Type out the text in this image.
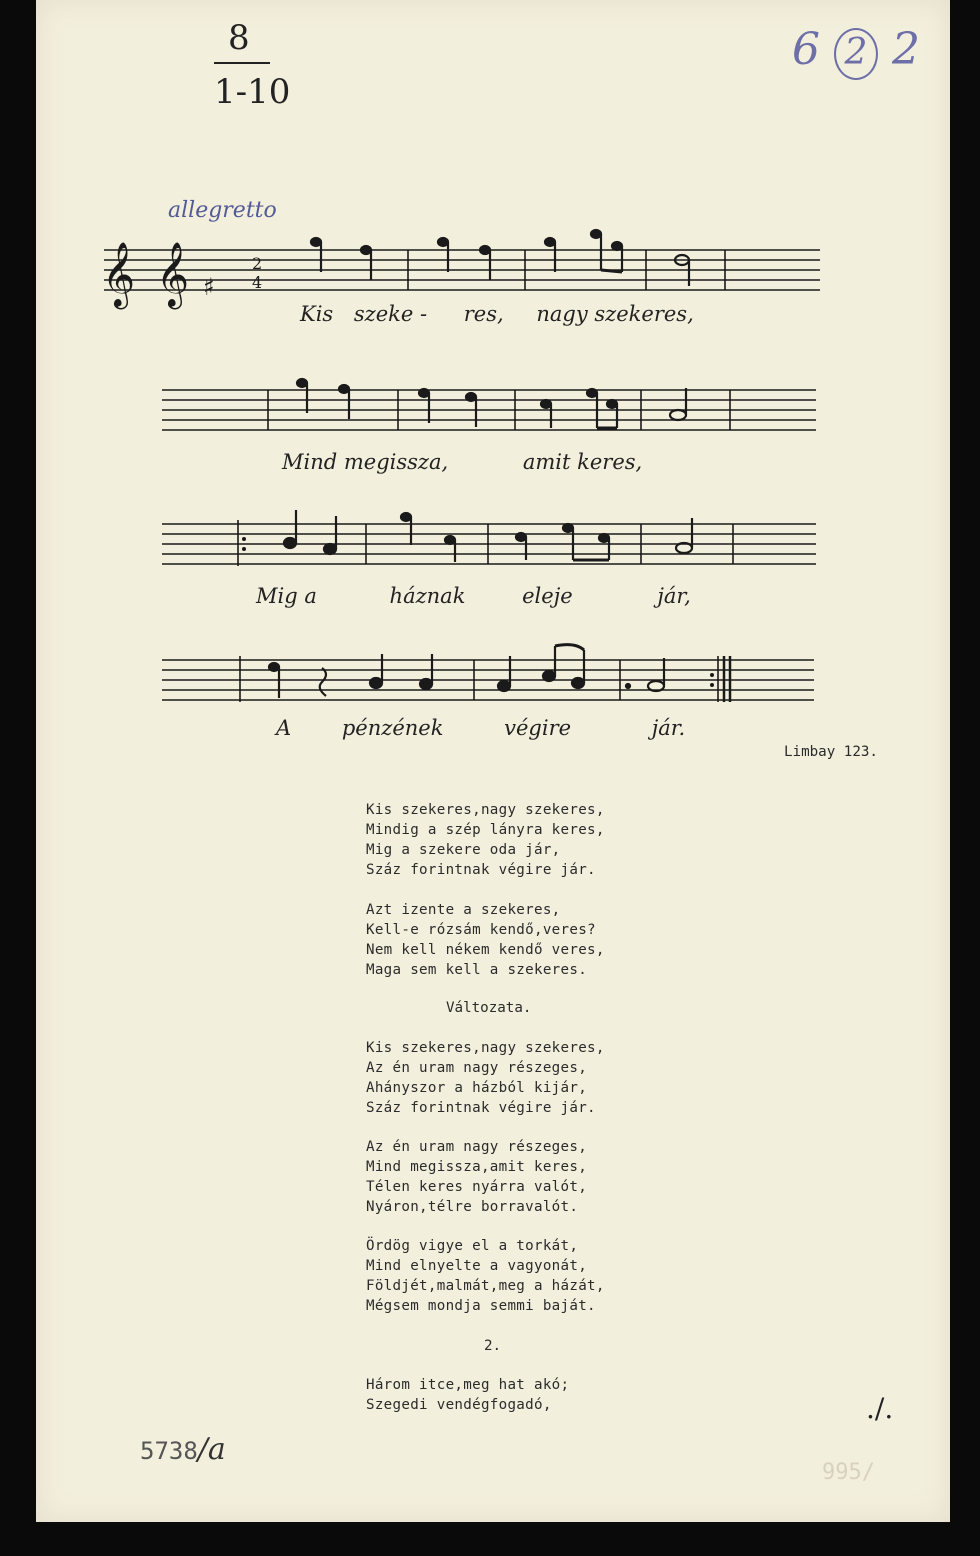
8
1-10
6 2 2
allegretto
𝄞 𝄞 ♯
2
4
Kis szeke - res, nagy szekeres,
Mind megissza,	amit keres,
Mig a	háznak	eleje	jár,
A pénzének	végire	jár.
Limbay 123.

Kis szekeres,nagy szekeres,

Mindig a szép lányra keres,

Mig a szekere oda jár,

Száz forintnak végire jár.

Azt izente a szekeres,

Kell-e rózsám kendő,veres?

Nem kell nékem kendő veres,

Maga sem kell a szekeres.

Változata.

Kis szekeres,nagy szekeres,

Az én uram nagy részeges,

Ahányszor a házból kijár,

Száz forintnak végire jár.

Az én uram nagy részeges,

Mind megissza,amit keres,

Télen keres nyárra valót,

Nyáron,télre borravalót.

Ördög vigye el a torkát,

Mind elnyelte a vagyonát,

Földjét,malmát,meg a házát,

Mégsem mondja semmi baját.

2.

Három itce,meg hat akó;

Szegedi vendégfogadó,	./.
5738/a
995/
